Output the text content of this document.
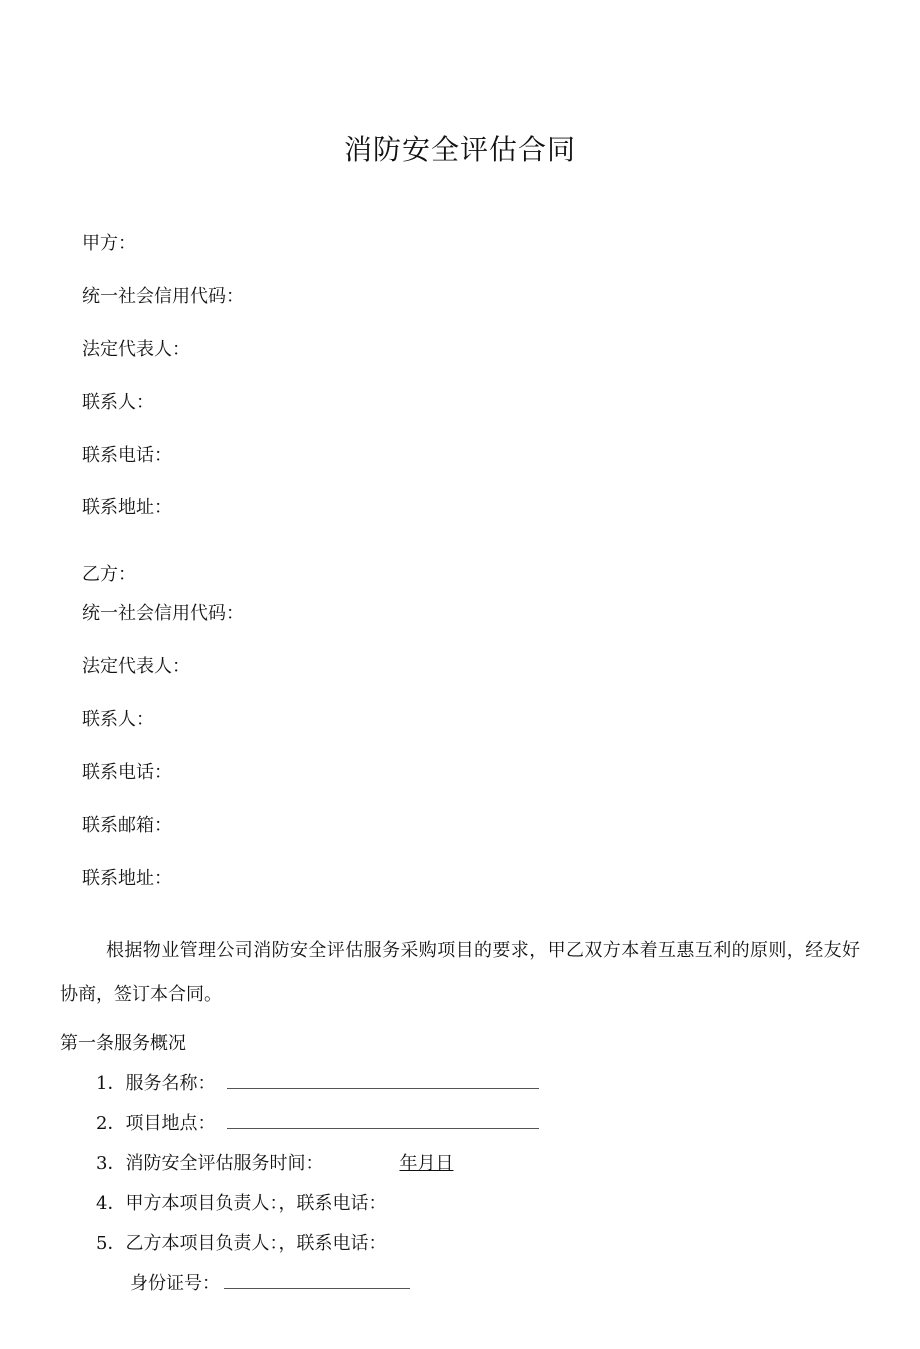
消防安全评估合同
甲方：
统一社会信用代码：
法定代表人：
联系人：
联系电话：
联系地址：
乙方：
统一社会信用代码：
法定代表人：
联系人：
联系电话：
联系邮箱：
联系地址：
根据物业管理公司消防安全评估服务采购项目的要求，甲乙双方本着互惠互利的原则，经友好协商，签订本合同。
第一条服务概况
1．服务名称：
2．项目地点：
3．消防安全评估服务时间：	年月日
4．甲方本项目负责人：，联系电话：
5．乙方本项目负责人：，联系电话：
身份证号：
